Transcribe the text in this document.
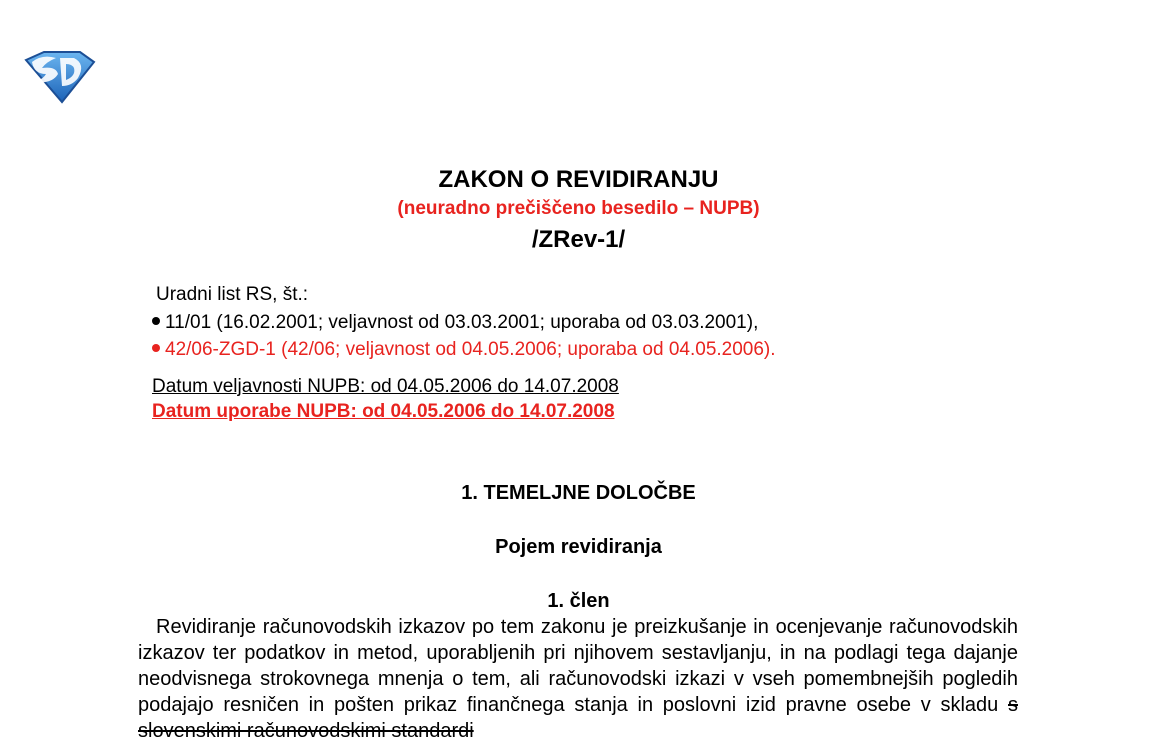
ZAKON O REVIDIRANJU
(neuradno prečiščeno besedilo – NUPB)
/ZRev-1/
Uradni list RS, št.:
11/01 (16.02.2001; veljavnost od 03.03.2001; uporaba od 03.03.2001),
42/06-ZGD-1 (42/06; veljavnost od 04.05.2006; uporaba od 04.05.2006).
Datum veljavnosti NUPB: od 04.05.2006 do 14.07.2008
Datum uporabe NUPB: od 04.05.2006 do 14.07.2008
1. TEMELJNE DOLOČBE
Pojem revidiranja
1. člen
Revidiranje računovodskih izkazov po tem zakonu je preizkušanje in ocenjevanje računovodskih izkazov ter podatkov in metod, uporabljenih pri njihovem sestavljanju, in na podlagi tega dajanje neodvisnega strokovnega mnenja o tem, ali računovodski izkazi v vseh pomembnejših pogledih podajajo resničen in pošten prikaz finančnega stanja in poslovni izid pravne osebe v skladu s slovenskimi računovodskimi standardi
